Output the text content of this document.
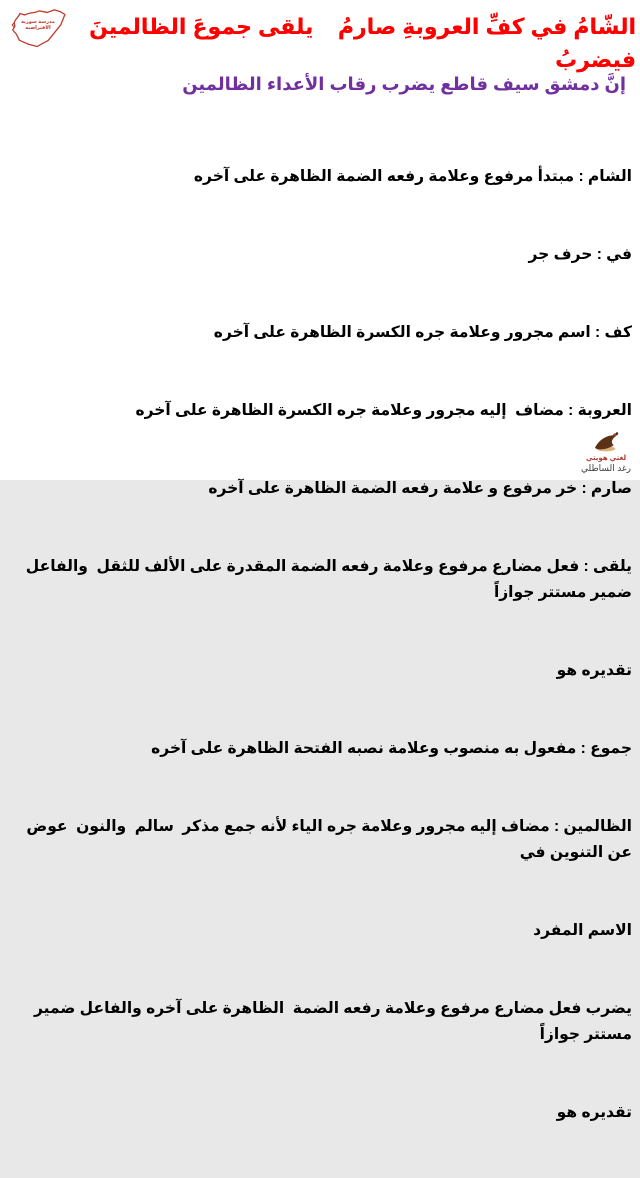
مدرسة سورية الافتراضية	الشّامُ في كفِّ العروبةِ صارمُ    يلقى جموعَ الظالمينَ فيضربُ
إنَّ دمشق سيف قاطع يضرب رقاب الأعداء الظالمين

الشام : مبتدأ مرفوع وعلامة رفعه الضمة الظاهرة على آخره

في : حرف جر

كف : اسم مجرور وعلامة جره الكسرة الظاهرة على آخره

العروبة : مضاف  إليه مجرور وعلامة جره الكسرة الظاهرة على آخره

صارم : خر مرفوع و علامة رفعه الضمة الظاهرة على آخره

يلقى : فعل مضارع مرفوع وعلامة رفعه الضمة المقدرة على الألف للثقل  والفاعل ضمير مستتر جوازاً

تقديره هو

جموع : مفعول به منصوب وعلامة نصبه الفتحة الظاهرة على آخره

الظالمين : مضاف إليه مجرور وعلامة جره الياء لأنه جمع مذكر  سالم  والنون  عوض عن التنوين في

الاسم المفرد

يضرب فعل مضارع مرفوع وعلامة رفعه الضمة  الظاهرة على آخره والفاعل ضمير مستتر جوازاً

تقديره هو

لغتي هويتي
رغد الساطلي
